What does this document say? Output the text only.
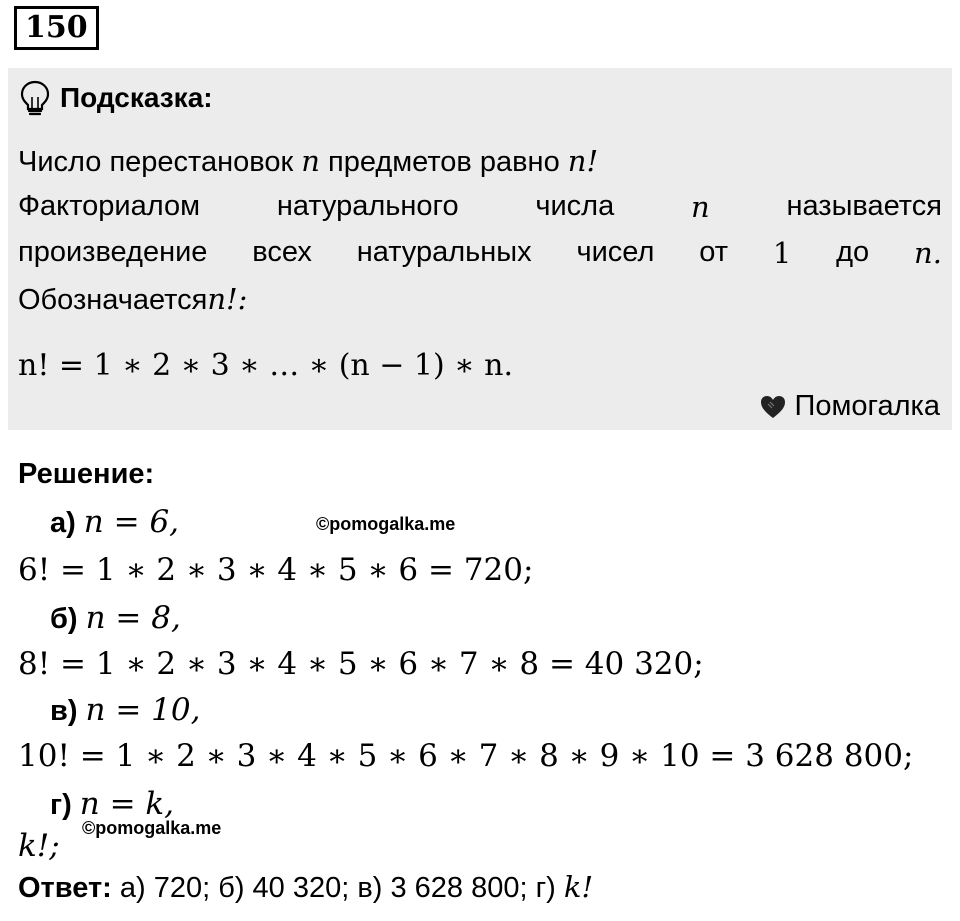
150
Подсказка:
Число перестановок n предметов равно n!
Факториалом	натурального	числа	n	называется
произведение всех натуральных чисел от 1 до n.
Обозначаетсяn!:
n! = 1 ∗ 2 ∗ 3 ∗ … ∗ (n − 1) ∗ n.
Помогалка
Решение:
а) n = 6,	©pomogalka.me
6! = 1 ∗ 2 ∗ 3 ∗ 4 ∗ 5 ∗ 6 = 720;
б) n = 8,
8! = 1 ∗ 2 ∗ 3 ∗ 4 ∗ 5 ∗ 6 ∗ 7 ∗ 8 = 40 320;
в) n = 10,
10! = 1 ∗ 2 ∗ 3 ∗ 4 ∗ 5 ∗ 6 ∗ 7 ∗ 8 ∗ 9 ∗ 10 = 3 628 800;
г) n = k,
©pomogalka.me
k!;
Ответ: а) 720; б) 40 320; в) 3 628 800; г) k!
